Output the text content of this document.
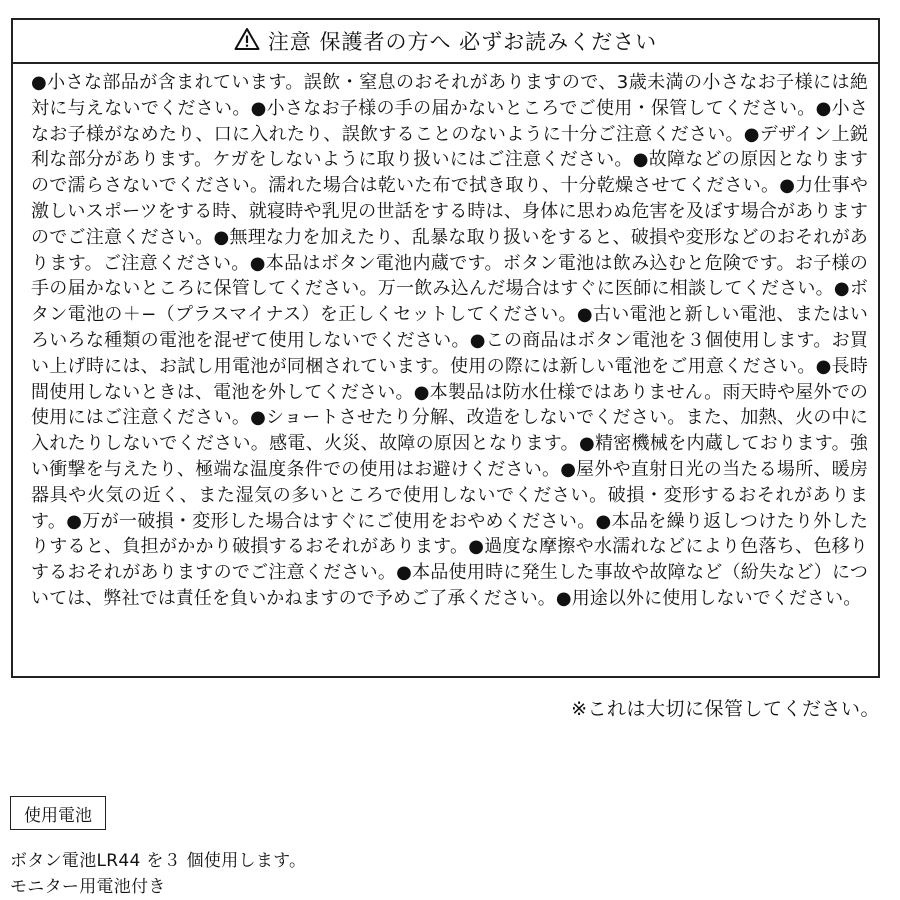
注意 保護者の方へ 必ずお読みください
●小さな部品が含まれています。誤飲・窒息のおそれがありますので、3歳未満の小さなお子様には絶対に与えないでください。●小さなお子様の手の届かないところでご使用・保管してください。●小さなお子様がなめたり、口に入れたり、誤飲することのないように十分ご注意ください。●デザイン上鋭利な部分があります。ケガをしないように取り扱いにはご注意ください。●故障などの原因となりますので濡らさないでください。濡れた場合は乾いた布で拭き取り、十分乾燥させてください。●力仕事や激しいスポーツをする時、就寝時や乳児の世話をする時は、身体に思わぬ危害を及ぼす場合がありますのでご注意ください。●無理な力を加えたり、乱暴な取り扱いをすると、破損や変形などのおそれがあります。ご注意ください。●本品はボタン電池内蔵です。ボタン電池は飲み込むと危険です。お子様の手の届かないところに保管してください。万一飲み込んだ場合はすぐに医師に相談してください。●ボタン電池の＋−（プラスマイナス）を正しくセットしてください。●古い電池と新しい電池、またはいろいろな種類の電池を混ぜて使用しないでください。●この商品はボタン電池を３個使用します。お買い上げ時には、お試し用電池が同梱されています。使用の際には新しい電池をご用意ください。●長時間使用しないときは、電池を外してください。●本製品は防水仕様ではありません。雨天時や屋外での使用にはご注意ください。●ショートさせたり分解、改造をしないでください。また、加熱、火の中に入れたりしないでください。感電、火災、故障の原因となります。●精密機械を内蔵しております。強い衝撃を与えたり、極端な温度条件での使用はお避けください。●屋外や直射日光の当たる場所、暖房器具や火気の近く、また湿気の多いところで使用しないでください。破損・変形するおそれがあります。●万が一破損・変形した場合はすぐにご使用をおやめください。●本品を繰り返しつけたり外したりすると、負担がかかり破損するおそれがあります。●過度な摩擦や水濡れなどにより色落ち、色移りするおそれがありますのでご注意ください。●本品使用時に発生した事故や故障など（紛失など）については、弊社では責任を負いかねますので予めご了承ください。●用途以外に使用しないでください。
※これは大切に保管してください。
使用電池
ボタン電池LR44 を３ 個使用します。
モニター用電池付き
